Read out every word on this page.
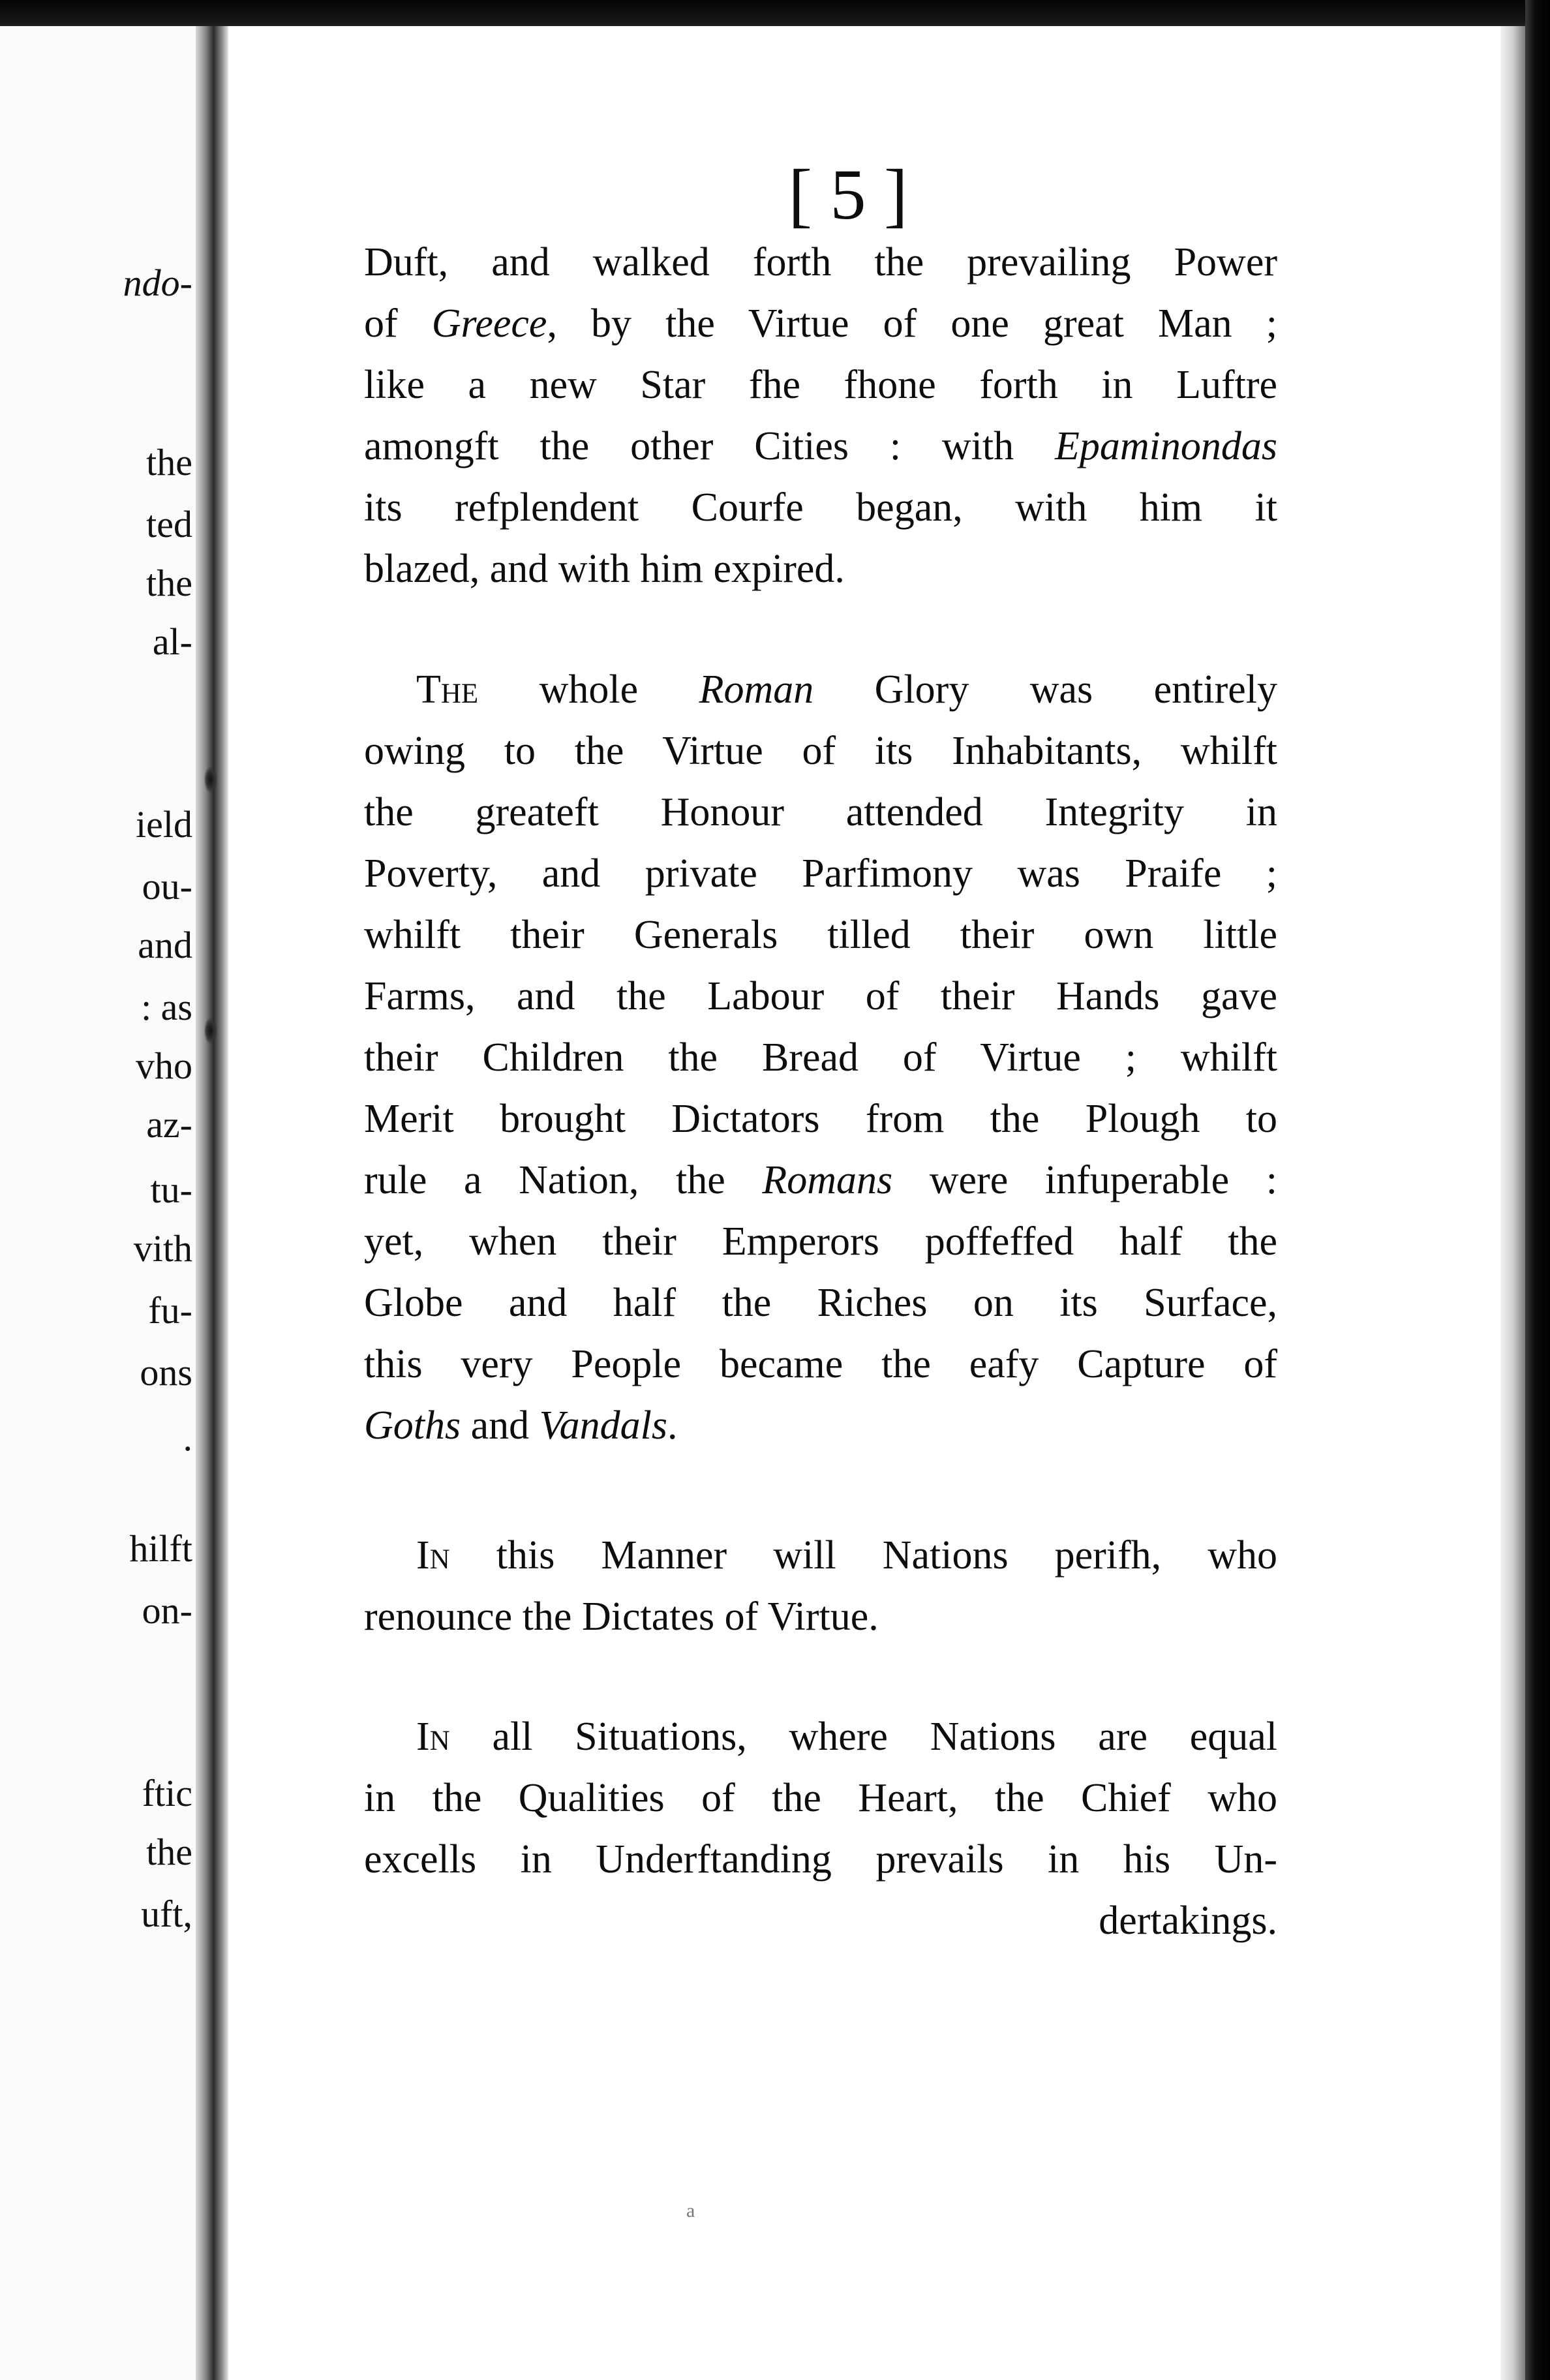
ndo-
the
ted
the
al-
ield
ou-
and
: as
vho
az-
tu-
vith
fu-
ons
.
hilft
on-
ftic
the
uft,
[ 5 ]
Duft, and walked forth the prevailing Power
of Greece, by the Virtue of one great Man ;
like a new Star fhe fhone forth in Luftre
amongft the other Cities : with Epaminondas
its refplendent Courfe began, with him it
blazed, and with him expired.
The whole Roman Glory was entirely
owing to the Virtue of its Inhabitants, whilft
the greateft Honour attended Integrity in
Poverty, and private Parfimony was Praife ;
whilft their Generals tilled their own little
Farms, and the Labour of their Hands gave
their Children the Bread of Virtue ; whilft
Merit brought Dictators from the Plough to
rule a Nation, the Romans were infuperable :
yet, when their Emperors poffeffed half the
Globe and half the Riches on its Surface,
this very People became the eafy Capture of
Goths and Vandals.
In this Manner will Nations perifh, who
renounce the Dictates of Virtue.
In all Situations, where Nations are equal
in the Qualities of the Heart, the Chief who
excells in Underftanding prevails in his Un-
dertakings.
a
